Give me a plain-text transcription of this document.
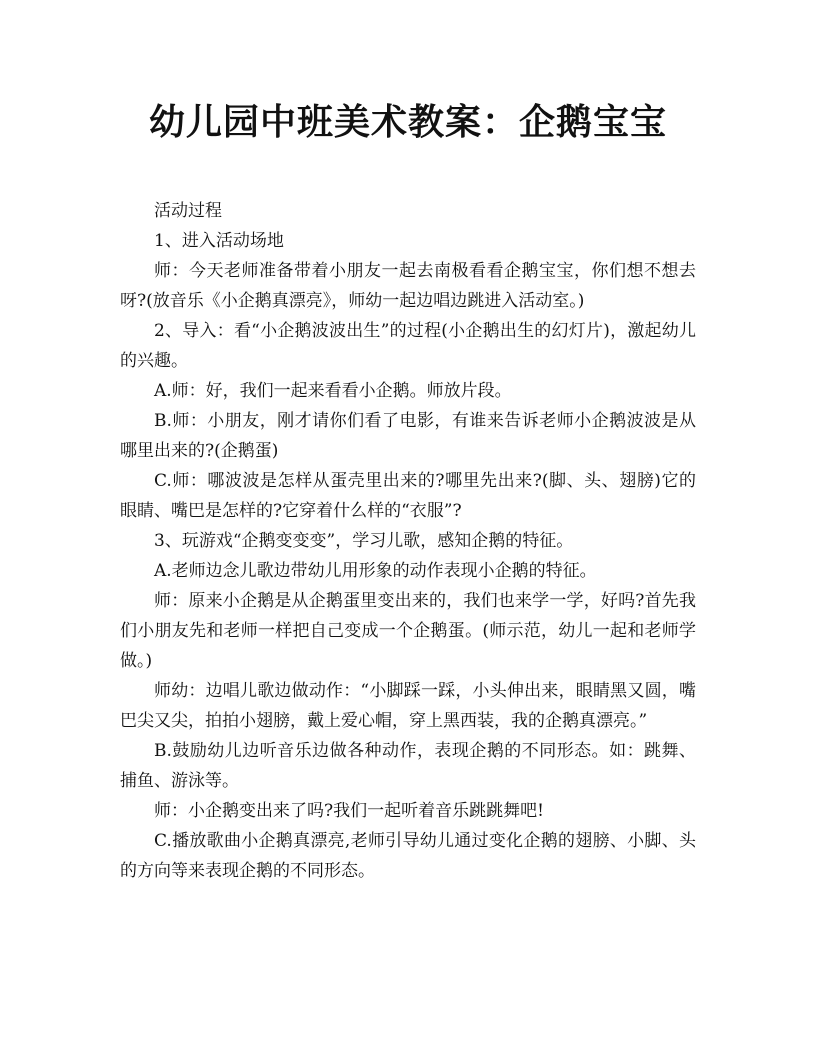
幼儿园中班美术教案：企鹅宝宝

活动过程

1、进入活动场地

师：今天老师准备带着小朋友一起去南极看看企鹅宝宝，你们想不想去呀?(放音乐《小企鹅真漂亮》，师幼一起边唱边跳进入活动室。)

2、导入：看“小企鹅波波出生”的过程(小企鹅出生的幻灯片)，激起幼儿的兴趣。

A.师：好，我们一起来看看小企鹅。师放片段。

B.师：小朋友，刚才请你们看了电影，有谁来告诉老师小企鹅波波是从哪里出来的?(企鹅蛋)

C.师：哪波波是怎样从蛋壳里出来的?哪里先出来?(脚、头、翅膀)它的眼睛、嘴巴是怎样的?它穿着什么样的“衣服”?

3、玩游戏“企鹅变变变”，学习儿歌，感知企鹅的特征。

A.老师边念儿歌边带幼儿用形象的动作表现小企鹅的特征。

师：原来小企鹅是从企鹅蛋里变出来的，我们也来学一学，好吗?首先我们小朋友先和老师一样把自己变成一个企鹅蛋。(师示范，幼儿一起和老师学做。)

师幼：边唱儿歌边做动作：“小脚踩一踩，小头伸出来，眼睛黑又圆，嘴巴尖又尖，拍拍小翅膀，戴上爱心帽，穿上黑西装，我的企鹅真漂亮。”

B.鼓励幼儿边听音乐边做各种动作，表现企鹅的不同形态。如：跳舞、捕鱼、游泳等。

师：小企鹅变出来了吗?我们一起听着音乐跳跳舞吧!

C.播放歌曲小企鹅真漂亮,老师引导幼儿通过变化企鹅的翅膀、小脚、头的方向等来表现企鹅的不同形态。
